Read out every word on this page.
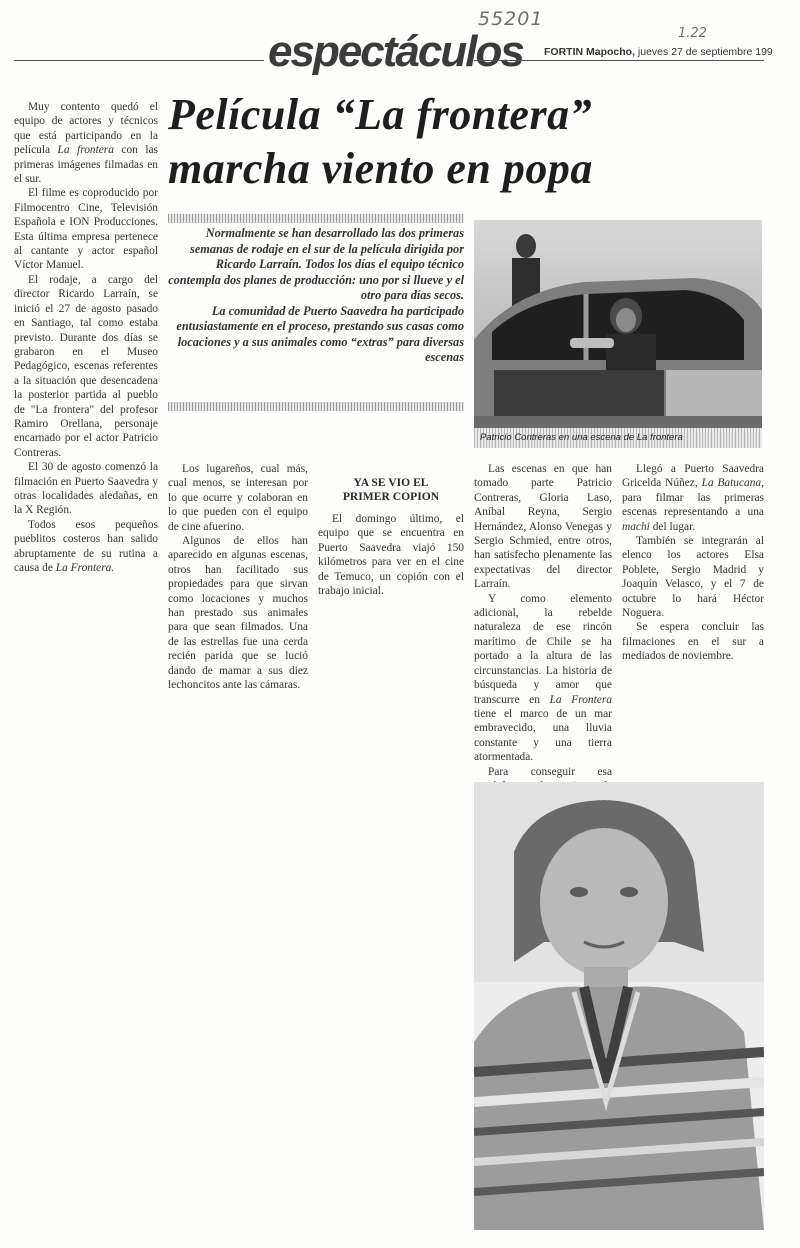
55201
1.22
espectáculos FORTIN Mapocho, jueves 27 de septiembre 199
Película “La frontera”
marcha viento en popa

Muy contento quedó el equipo de actores y técnicos que está participando en la película La frontera con las primeras imágenes filmadas en el sur.

El filme es coproducido por Filmocentro Cine, Televisión Española e ION Producciones. Esta última empresa pertenece al cantante y actor español Víctor Manuel.

El rodaje, a cargo del director Ricardo Larraín, se inició el 27 de agosto pasado en Santiago, tal como estaba previsto. Durante dos días se grabaron en el Museo Pedagógico, escenas referentes a la situación que desencadena la posterior partida al pueblo de "La frontera" del profesor Ramiro Orellana, personaje encarnado por el actor Patricio Contreras.

El 30 de agosto comenzó la filmación en Puerto Saavedra y otras localidades aledañas, en la X Región.

Todos esos pequeños pueblitos costeros han salido abruptamente de su rutina a causa de La Frontera.

Normalmente se han desarrollado las dos primeras semanas de rodaje en el sur de la película dirigida por Ricardo Larraín. Todos los días el equipo técnico contempla dos planes de producción: uno por si llueve y el otro para días secos.

La comunidad de Puerto Saavedra ha participado entusiastamente en el proceso, prestando sus casas como locaciones y a sus animales como “extras” para diversas escenas

Patricio Contreras en una escena de La frontera

Los lugareños, cual más, cual menos, se interesan por lo que ocurre y colaboran en lo que pueden con el equipo de cine afuerino.

Algunos de ellos han aparecido en algunas escenas, otros han facilitado sus propiedades para que sirvan como locaciones y muchos han prestado sus animales para que sean filmados. Una de las estrellas fue una cerda recién parida que se lució dando de mamar a sus diez lechoncitos ante las cámaras.

YA SE VIO EL
PRIMER COPION

El domingo último, el equipo que se encuentra en Puerto Saavedra viajó 150 kilómetros para ver en el cine de Temuco, un copión con el trabajo inicial.

Las escenas en que han tomado parte Patricio Contreras, Gloria Laso, Aníbal Reyna, Sergio Hernández, Alonso Venegas y Sergio Schmied, entre otros, han satisfecho plenamente las expectativas del director Larraín.

Y como elemento adicional, la rebelde naturaleza de ese rincón marítimo de Chile se ha portado a la altura de las circunstancias. La historia de búsqueda y amor que transcurre en La Frontera tiene el marco de un mar embravecido, una lluvia constante y una tierra atormentada.

Para conseguir esa

Llegó a Puerto Saavedra Gricelda Núñez, La Batucana, para filmar las primeras escenas representando a una machi del lugar.

También se integrarán al elenco los actores Elsa Poblete, Sergio Madrid y Joaquín Velasco, y el 7 de octubre lo hará Héctor Noguera.

Se espera concluir las filmaciones en el sur a mediados de noviembre.
